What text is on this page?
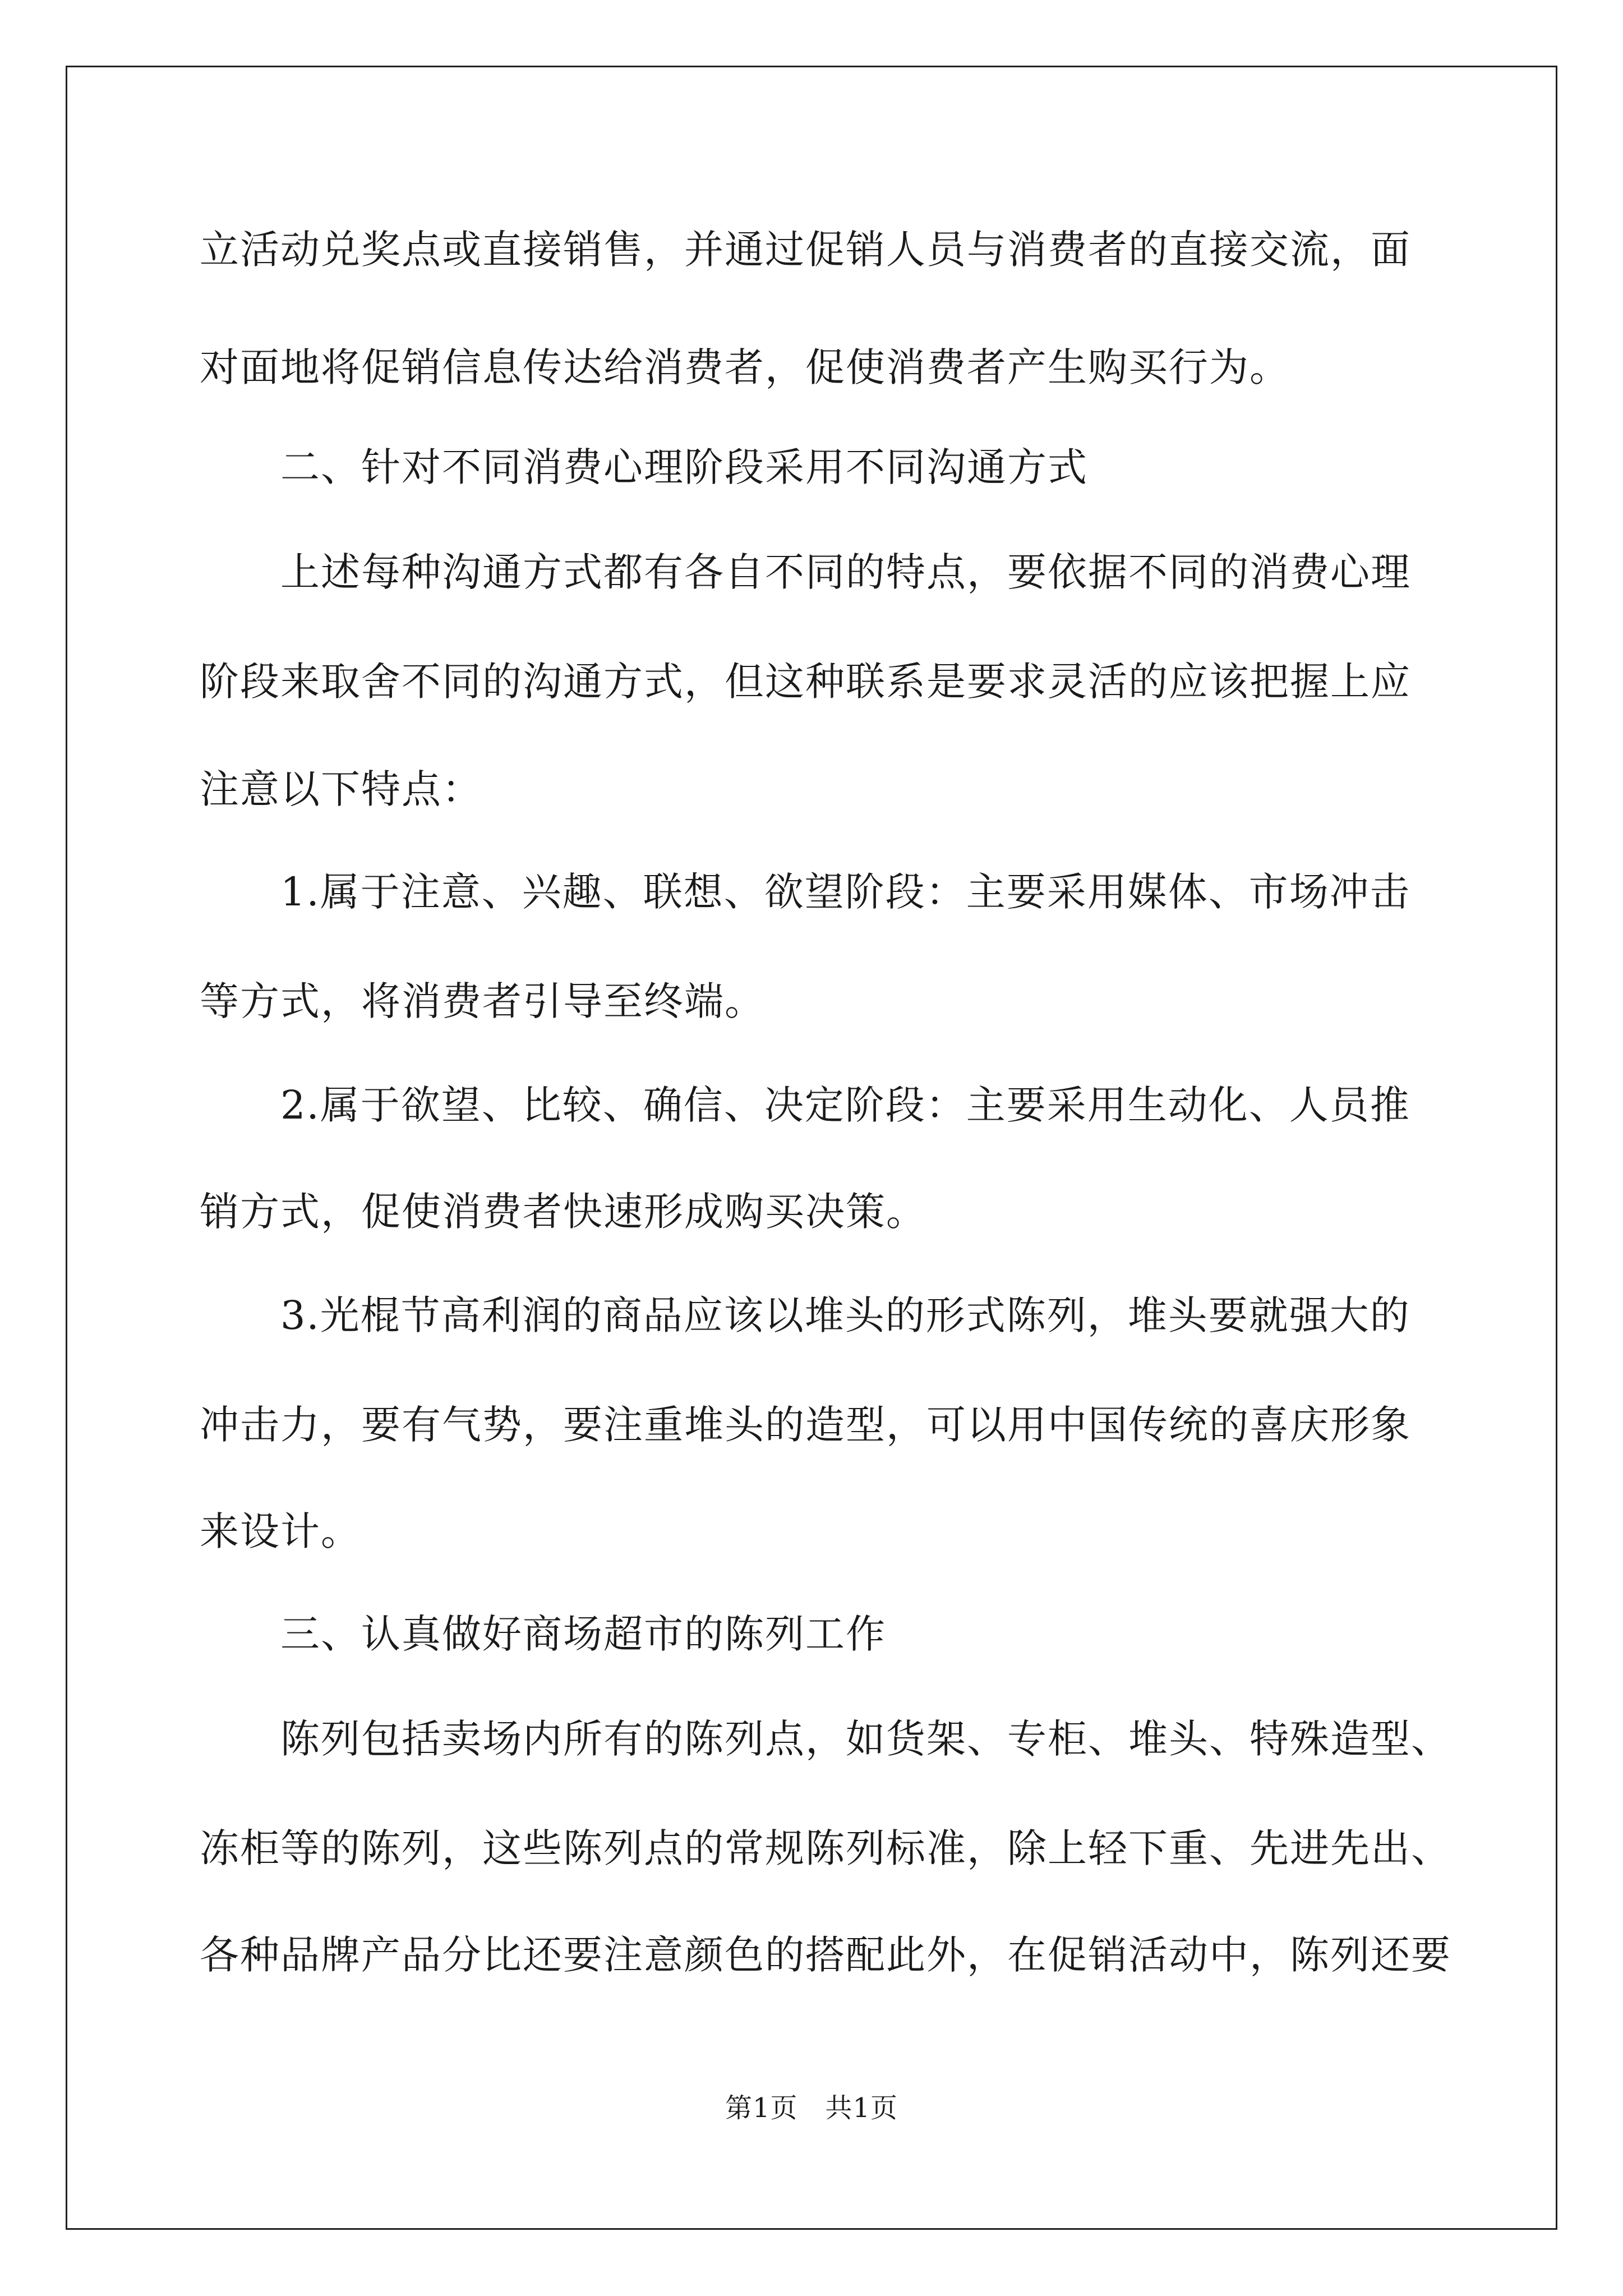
立活动兑奖点或直接销售，并通过促销人员与消费者的直接交流，面
对面地将促销信息传达给消费者，促使消费者产生购买行为。
二、针对不同消费心理阶段采用不同沟通方式
上述每种沟通方式都有各自不同的特点，要依据不同的消费心理
阶段来取舍不同的沟通方式，但这种联系是要求灵活的应该把握上应
注意以下特点：
1.属于注意、兴趣、联想、欲望阶段：主要采用媒体、市场冲击
等方式，将消费者引导至终端。
2.属于欲望、比较、确信、决定阶段：主要采用生动化、人员推
销方式，促使消费者快速形成购买决策。
3.光棍节高利润的商品应该以堆头的形式陈列，堆头要就强大的
冲击力，要有气势，要注重堆头的造型，可以用中国传统的喜庆形象
来设计。
三、认真做好商场超市的陈列工作
陈列包括卖场内所有的陈列点，如货架、专柜、堆头、特殊造型、
冻柜等的陈列，这些陈列点的常规陈列标准，除上轻下重、先进先出、
各种品牌产品分比还要注意颜色的搭配此外，在促销活动中，陈列还要
第1页　共1页
